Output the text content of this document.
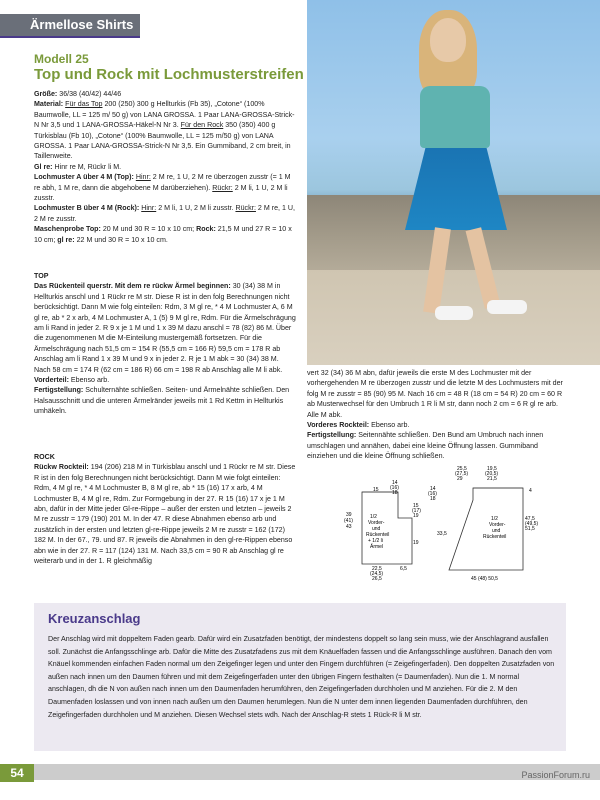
Ärmellose Shirts
Modell 25
Top und Rock mit Lochmusterstreifen
Größe: 36/38 (40/42) 44/46
Material: Für das Top 200 (250) 300 g Hellturkis (Fb 35), „Cotone“ (100% Baumwolle, LL = 125 m/ 50 g) von LANA GROSSA. 1 Paar LANA-GROSSA-Strick-N Nr 3,5 und 1 LANA-GROSSA-Häkel-N Nr 3. Für den Rock 350 (350) 400 g Türkisblau (Fb 10), „Cotone“ (100% Baumwolle, LL = 125 m/50 g) von LANA GROSSA. 1 Paar LANA-GROSSA-Strick-N Nr 3,5. Ein Gummiband, 2 cm breit, in Taillenweite.
Gl re: Hinr re M, Rückr li M.
Lochmuster A über 4 M (Top): Hinr: 2 M re, 1 U, 2 M re überzogen zusstr (= 1 M re abh, 1 M re, dann die abgehobene M darüberziehen). Rückr: 2 M li, 1 U, 2 M li zusstr.
Lochmuster B über 4 M (Rock): Hinr: 2 M li, 1 U, 2 M li zusstr. Rückr: 2 M re, 1 U, 2 M re zusstr.
Maschenprobe Top: 20 M und 30 R = 10 x 10 cm; Rock: 21,5 M und 27 R = 10 x 10 cm; gl re: 22 M und 30 R = 10 x 10 cm.
TOP
Das Rückenteil querstr. Mit dem re rückw Ärmel beginnen: 30 (34) 38 M in Hellturkis anschl und 1 Rückr re M str. Diese R ist in den folg Berechnungen nicht berücksichtigt. Dann M wie folg einteilen: Rdm, 3 M gl re, * 4 M Lochmuster A, 6 M gl re, ab * 2 x arb, 4 M Lochmuster A, 1 (5) 9 M gl re, Rdm. Für die Ärmelschrägung am li Rand in jeder 2. R 9 x je 1 M und 1 x 39 M dazu anschl = 78 (82) 86 M. Über die zugenommenen M die M-Einteilung mustergemäß fortsetzen. Für die Ärmelschrägung nach 51,5 cm = 154 R (55,5 cm = 166 R) 59,5 cm = 178 R ab Anschlag am li Rand 1 x 39 M und 9 x in jeder 2. R je 1 M abk = 30 (34) 38 M. Nach 58 cm = 174 R (62 cm = 186 R) 66 cm = 198 R ab Anschlag alle M li abk.
Vorderteil: Ebenso arb.
Fertigstellung: Schulternähte schließen. Seiten- und Ärmelnähte schließen. Den Halsausschnitt und die unteren Ärmelränder jeweils mit 1 Rd Kettm in Hellturkis umhäkeln.
ROCK
Rückw Rockteil: 194 (206) 218 M in Türkisblau anschl und 1 Rückr re M str. Diese R ist in den folg Berechnungen nicht berücksichtigt. Dann M wie folgt einteilen: Rdm, 4 M gl re, * 4 M Lochmuster B, 8 M gl re, ab * 15 (16) 17 x arb, 4 M Lochmuster B, 4 M gl re, Rdm. Zur Formgebung in der 27. R 15 (16) 17 x je 1 M abn, dafür in der Mitte jeder Gl-re-Rippe – außer der ersten und letzten – jeweils 2 M re zusstr = 179 (190) 201 M. In der 47. R diese Abnahmen ebenso arb und zusätzlich in der ersten und letzten gl-re-Rippe jeweils 2 M re zusstr = 162 (172) 182 M. In der 67., 79. und 87. R jeweils die Abnahmen in den gl-re-Rippen ebenso abn wie in der 27. R = 117 (124) 131 M. Nach 33,5 cm = 90 R ab Anschlag gl re weiterarb und in der 1. R gleichmäßig
vert 32 (34) 36 M abn, dafür jeweils die erste M des Lochmuster mit der vorhergehenden M re überzogen zusstr und die letzte M des Lochmusters mit der folg M re zusstr = 85 (90) 95 M. Nach 16 cm = 48 R (18 cm = 54 R) 20 cm = 60 R ab Musterwechsel für den Umbruch 1 R li M str, dann noch 2 cm = 6 R gl re arb. Alle M abk.
Vorderes Rockteil: Ebenso arb.
Fertigstellung: Seitennähte schließen. Den Bund am Umbruch nach innen umschlagen und annähen, dabei eine kleine Öffnung lassen. Gummiband einziehen und die kleine Öffnung schließen.
39
(41)
43
15
14
(16)
18
15
(17)
19
19
14
(16)
18
1/2
Vorder-
und
Rückenteil
+ 1/2 li
Ärmel
22,5
(24,5)
26,5
6,5
25,5
(27,5)
29
19,5
(20,5)
21,5
4
33,5
47,5
(49,5)
51,5
1/2
Vorder-
und
Rückenteil
45 (48) 50,5
Kreuzanschlag
Der Anschlag wird mit doppeltem Faden gearb. Dafür wird ein Zusatzfaden benötigt, der mindestens doppelt so lang sein muss, wie der Anschlagrand ausfallen soll. Zunächst die Anfangsschlinge arb. Dafür die Mitte des Zusatzfadens zus mit dem Knäuelfaden fassen und die Anfangsschlinge ausführen. Danach den vom Knäuel kommenden einfachen Faden normal um den Zeigefinger legen und unter den Fingern durchführen (= Zeigefingerfaden). Den doppelten Zusatzfaden von außen nach innen um den Daumen führen und mit dem Zeigefingerfaden unter den übrigen Fingern festhalten (= Daumenfaden). Nun die 1. M normal anschlagen, dh die N von außen nach innen um den Daumenfaden herumführen, den Zeigefingerfaden durchholen und M anziehen. Für die 2. M den Daumenfaden loslassen und von innen nach außen um den Daumen herumlegen. Nun die N unter dem innen liegenden Daumenfaden durchführen, den Zeigefingerfaden durchholen und M anziehen. Diesen Wechsel stets wdh. Nach der Anschlag-R stets 1 Rück-R li M str.
54	PassionForum.ru
